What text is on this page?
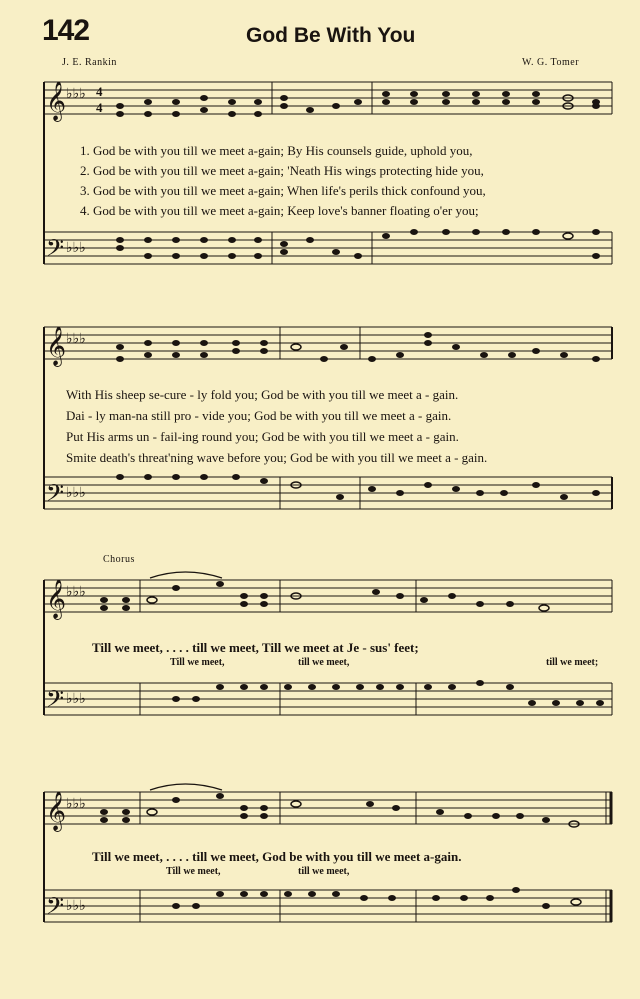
142	God Be With You
J. E. Rankin	W. G. Tomer
𝄞
𝄢
♭♭♭
♭♭♭
4
4
1. God be with you till we meet a-gain; By His counsels guide, uphold you,
2. God be with you till we meet a-gain; 'Neath His wings protecting hide you,
3. God be with you till we meet a-gain; When life's perils thick confound you,
4. God be with you till we meet a-gain; Keep love's banner floating o'er you;
𝄞
𝄢
♭♭♭
♭♭♭
With His sheep se-cure - ly fold you; God be with you till we meet a - gain.
Dai - ly man-na still pro - vide you; God be with you till we meet a - gain.
Put His arms un - fail-ing round you; God be with you till we meet a - gain.
Smite death's threat'ning wave before you; God be with you till we meet a - gain.
Chorus
𝄞
𝄢
♭♭♭
♭♭♭
Till we meet, . . . . till we meet, Till we meet at Je - sus' feet;
Till we meet,	till we meet,	till we meet;
𝄞
𝄢
♭♭♭
♭♭♭
Till we meet, . . . . till we meet, God be with you till we meet a-gain.
Till we meet,	till we meet,
